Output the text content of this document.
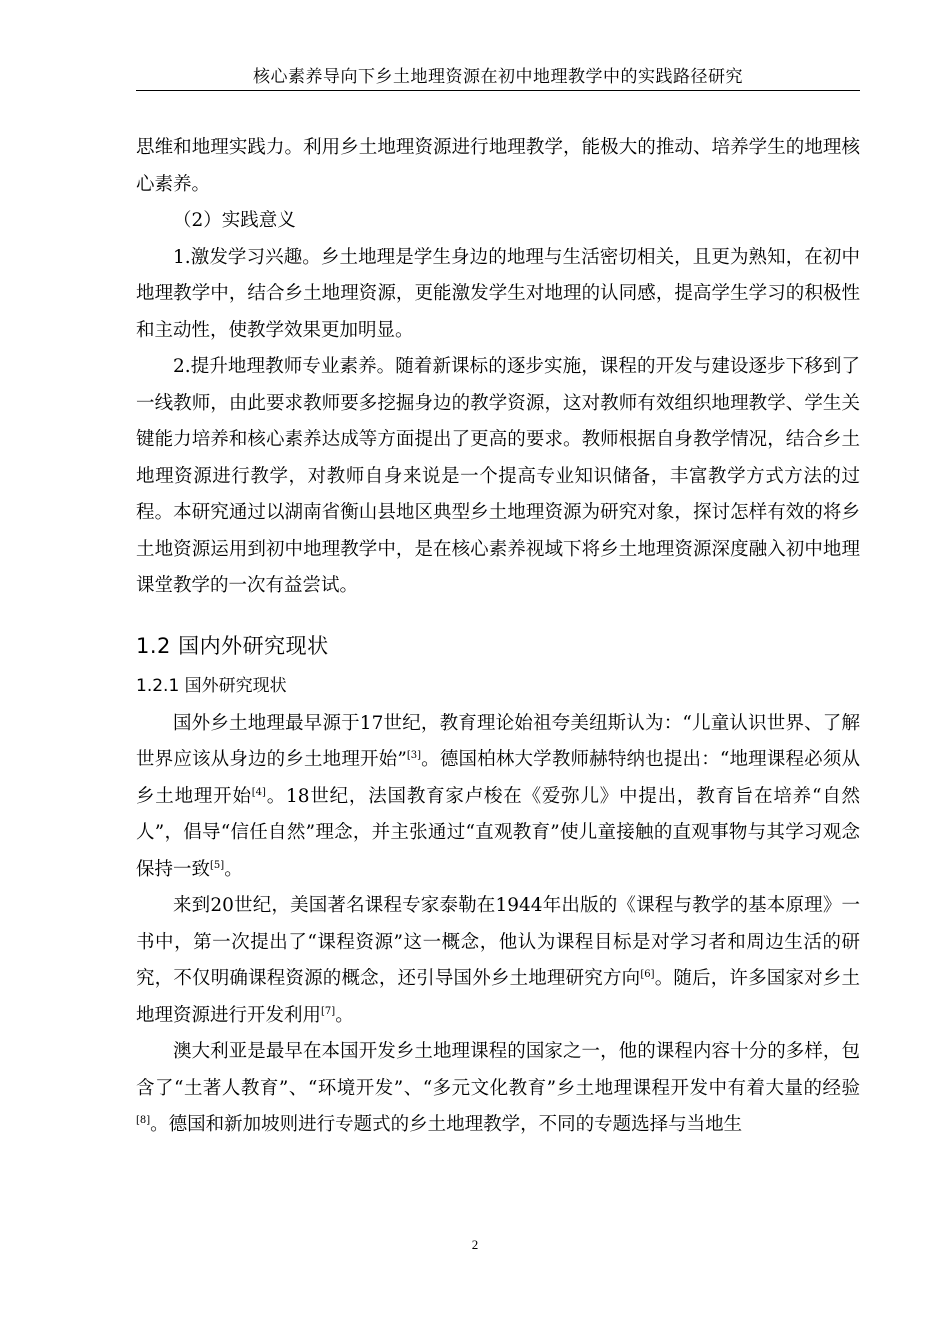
核心素养导向下乡土地理资源在初中地理教学中的实践路径研究

思维和地理实践力。利用乡土地理资源进行地理教学，能极大的推动、培养学生的地理核心素养。

（2）实践意义

1.激发学习兴趣。乡土地理是学生身边的地理与生活密切相关，且更为熟知，在初中地理教学中，结合乡土地理资源，更能激发学生对地理的认同感，提高学生学习的积极性和主动性，使教学效果更加明显。

2.提升地理教师专业素养。随着新课标的逐步实施，课程的开发与建设逐步下移到了一线教师，由此要求教师要多挖掘身边的教学资源，这对教师有效组织地理教学、学生关键能力培养和核心素养达成等方面提出了更高的要求。教师根据自身教学情况，结合乡土地理资源进行教学，对教师自身来说是一个提高专业知识储备，丰富教学方式方法的过程。本研究通过以湖南省衡山县地区典型乡土地理资源为研究对象，探讨怎样有效的将乡土地资源运用到初中地理教学中，是在核心素养视域下将乡土地理资源深度融入初中地理课堂教学的一次有益尝试。

1.2 国内外研究现状
1.2.1 国外研究现状

国外乡土地理最早源于17世纪，教育理论始祖夸美纽斯认为：“儿童认识世界、了解世界应该从身边的乡土地理开始”[3]。德国柏林大学教师赫特纳也提出：“地理课程必须从乡土地理开始[4]。18世纪，法国教育家卢梭在《爱弥儿》中提出，教育旨在培养“自然人”，倡导“信任自然”理念，并主张通过“直观教育”使儿童接触的直观事物与其学习观念保持一致[5]。

来到20世纪，美国著名课程专家泰勒在1944年出版的《课程与教学的基本原理》一书中，第一次提出了“课程资源”这一概念，他认为课程目标是对学习者和周边生活的研究，不仅明确课程资源的概念，还引导国外乡土地理研究方向[6]。随后，许多国家对乡土地理资源进行开发利用[7]。

澳大利亚是最早在本国开发乡土地理课程的国家之一，他的课程内容十分的多样，包含了“土著人教育”、“环境开发”、“多元文化教育”乡土地理课程开发中有着大量的经验[8]。德国和新加坡则进行专题式的乡土地理教学，不同的专题选择与当地生

2
